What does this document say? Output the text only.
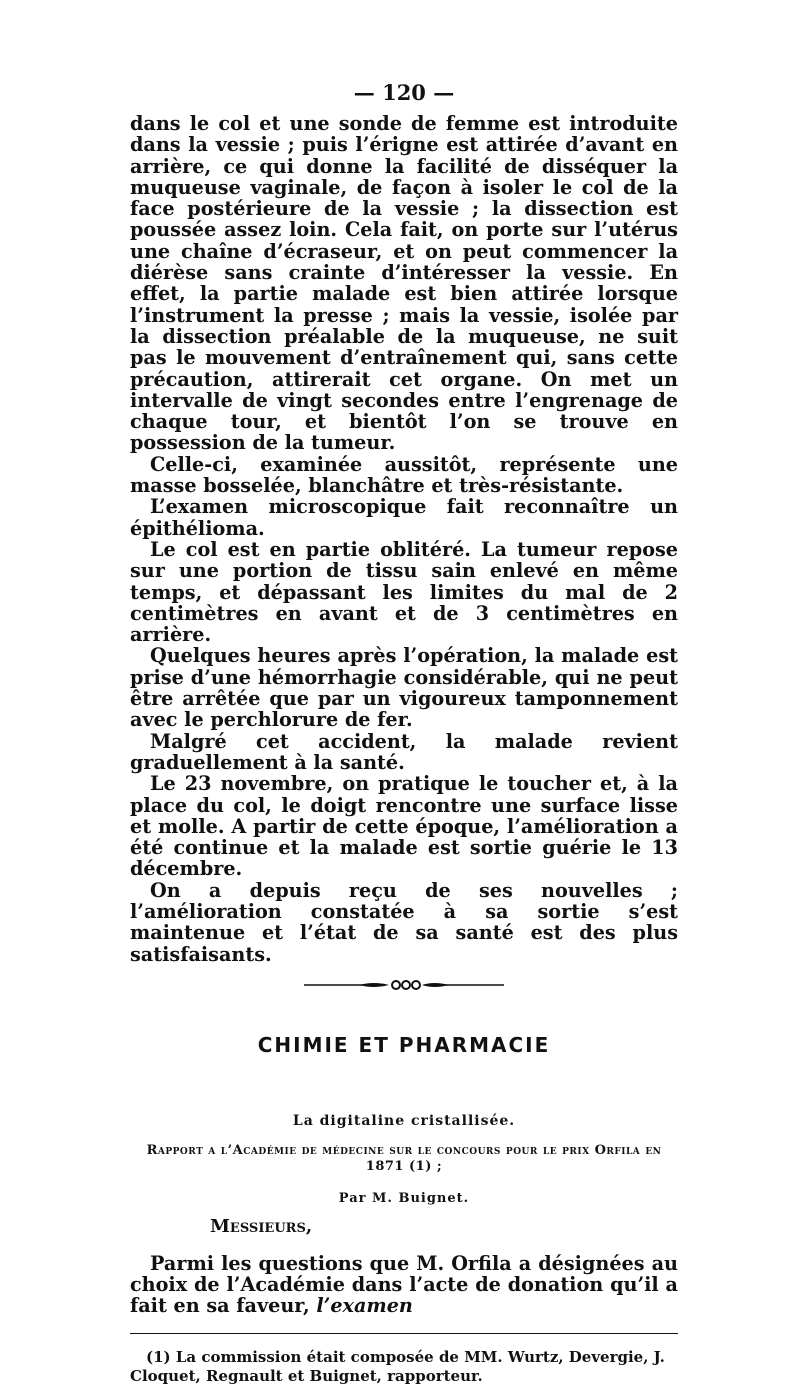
— 120 —

dans le col et une sonde de femme est introduite dans la vessie ; puis l’érigne est attirée d’avant en arrière, ce qui donne la facilité de disséquer la muqueuse vaginale, de façon à isoler le col de la face postérieure de la vessie ; la dissection est poussée assez loin. Cela fait, on porte sur l’utérus une chaîne d’écraseur, et on peut commencer la diérèse sans crainte d’intéresser la vessie. En effet, la partie malade est bien attirée lorsque l’instrument la presse ; mais la vessie, isolée par la dissection préalable de la muqueuse, ne suit pas le mouvement d’entraînement qui, sans cette précaution, attirerait cet organe. On met un intervalle de vingt secondes entre l’engrenage de chaque tour, et bientôt l’on se trouve en possession de la tumeur.

Celle-ci, examinée aussitôt, représente une masse bosselée, blanchâtre et très-résistante.

L’examen microscopique fait reconnaître un épithélioma.

Le col est en partie oblitéré. La tumeur repose sur une portion de tissu sain enlevé en même temps, et dépassant les limites du mal de 2 centimètres en avant et de 3 centimètres en arrière.

Quelques heures après l’opération, la malade est prise d’une hémorrhagie considérable, qui ne peut être arrêtée que par un vigoureux tamponnement avec le perchlorure de fer.

Malgré cet accident, la malade revient graduellement à la santé.

Le 23 novembre, on pratique le toucher et, à la place du col, le doigt rencontre une surface lisse et molle. A partir de cette époque, l’amélioration a été continue et la malade est sortie guérie le 13 décembre.

On a depuis reçu de ses nouvelles ; l’amélioration constatée à sa sortie s’est maintenue et l’état de sa santé est des plus satisfaisants.

CHIMIE ET PHARMACIE
La digitaline cristallisée.
Rapport a l’Académie de médecine sur le concours pour le prix Orfila en 1871 (1) ;
Par M. Buignet.
Messieurs,

Parmi les questions que M. Orfila a désignées au choix de l’Académie dans l’acte de donation qu’il a fait en sa faveur, l’examen

(1) La commission était composée de MM. Wurtz, Devergie, J. Cloquet, Regnault et Buignet, rapporteur.
